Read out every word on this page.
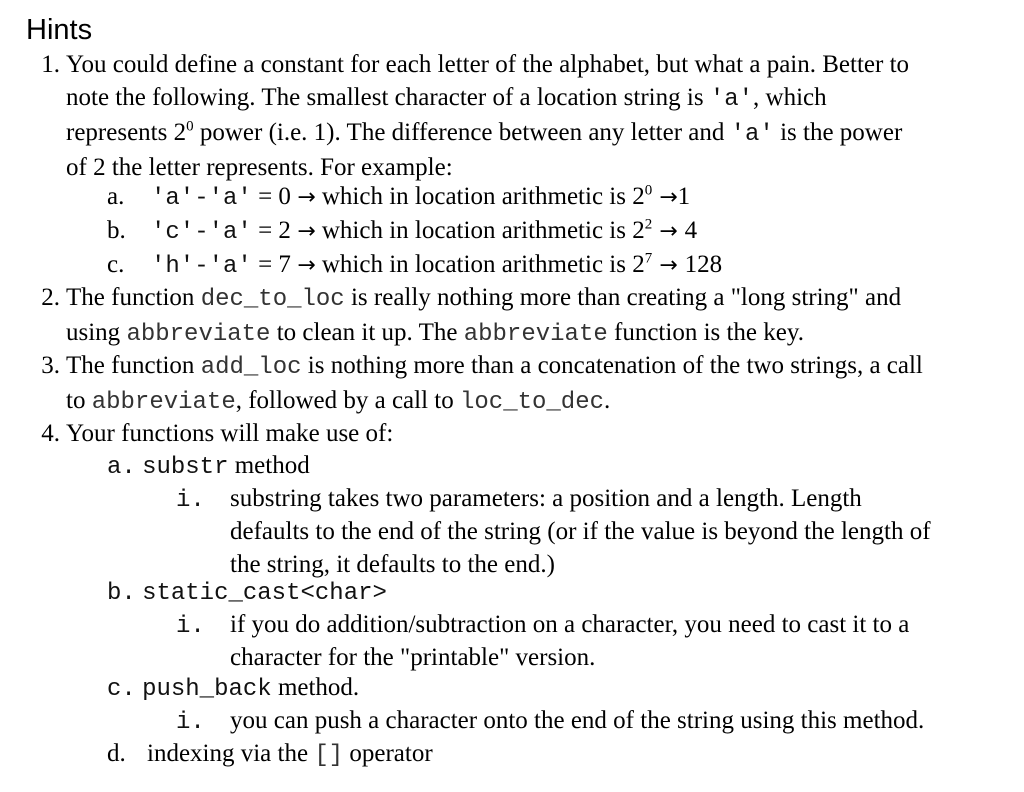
Hints
1. You could define a constant for each letter of the alphabet, but what a pain. Better to
note the following. The smallest character of a location string is 'a', which
represents $2^0$ power (i.e. 1). The difference between any letter and 'a' is the power
of 2 the letter represents. For example:
a. 'a'-'a' = 0 → which in location arithmetic is $2^0 \to 1$
b. 'c'-'a' = 2 → which in location arithmetic is $2^2 \to 4$
c. 'h'-'a' = 7 → which in location arithmetic is $2^7 \to 128$
2. The function dec_to_loc is really nothing more than creating a "long string" and
using abbreviate to clean it up. The abbreviate function is the key.
3. The function add_loc is nothing more than a concatenation of the two strings, a call
to abbreviate, followed by a call to loc_to_dec.
4. Your functions will make use of:
a. substr method
i. substring takes two parameters: a position and a length. Length
defaults to the end of the string (or if the value is beyond the length of
the string, it defaults to the end.)
b. static_cast<char>
i. if you do addition/subtraction on a character, you need to cast it to a
character for the "printable" version.
c. push_back method.
i. you can push a character onto the end of the string using this method.
d. indexing via the [] operator
